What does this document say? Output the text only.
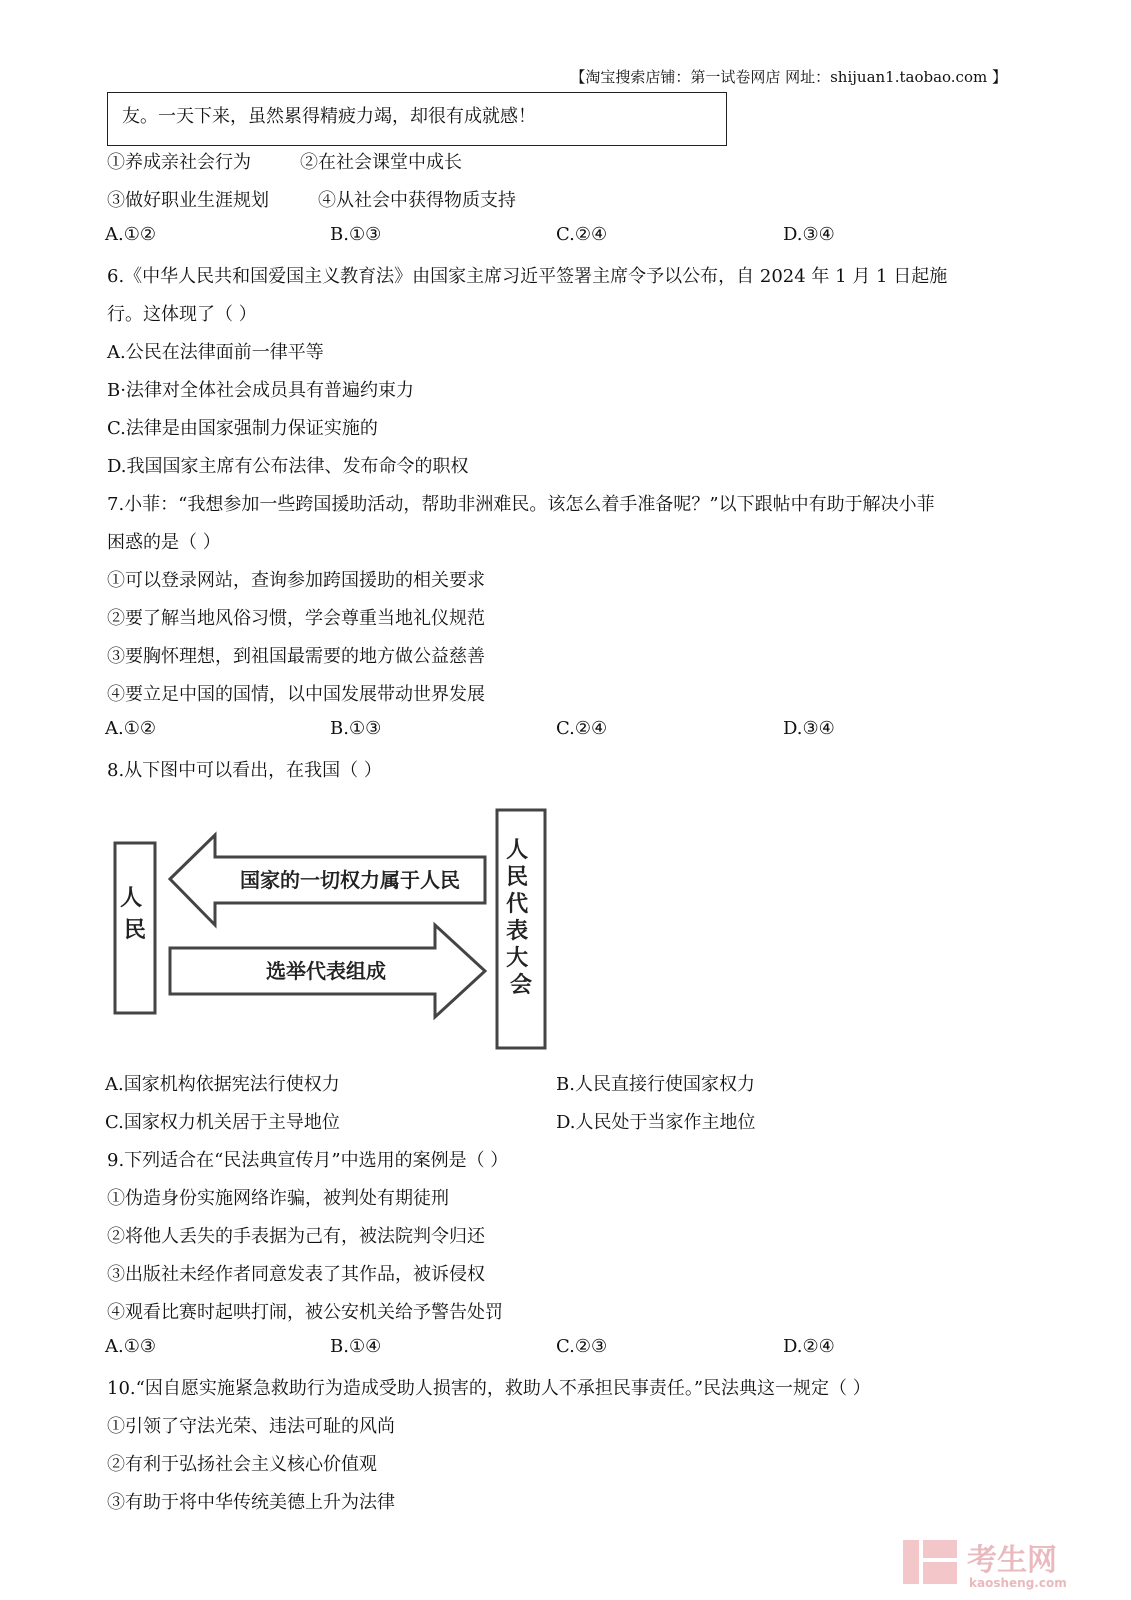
【淘宝搜索店铺：第一试卷网店 网址：shijuan1.taobao.com 】
友。一天下来，虽然累得精疲力竭，却很有成就感！
①养成亲社会行为	②在社会课堂中成长
③做好职业生涯规划	④从社会中获得物质支持
A.①②	B.①③	C.②④	D.③④
6.《中华人民共和国爱国主义教育法》由国家主席习近平签署主席令予以公布，自 2024 年 1 月 1 日起施
行。这体现了（ ）
A.公民在法律面前一律平等
B·法律对全体社会成员具有普遍约束力
C.法律是由国家强制力保证实施的
D.我国国家主席有公布法律、发布命令的职权
7.小菲：“我想参加一些跨国援助活动，帮助非洲难民。该怎么着手准备呢？”以下跟帖中有助于解决小菲
困惑的是（ ）
①可以登录网站，查询参加跨国援助的相关要求
②要了解当地风俗习惯，学会尊重当地礼仪规范
③要胸怀理想，到祖国最需要的地方做公益慈善
④要立足中国的国情，以中国发展带动世界发展
A.①②	B.①③	C.②④	D.③④
8.从下图中可以看出，在我国（ ）
人 民
人 民 代 表 大 会
国家的一切权力属于人民
选举代表组成
A.国家机构依据宪法行使权力	B.人民直接行使国家权力
C.国家权力机关居于主导地位	D.人民处于当家作主地位
9.下列适合在“民法典宣传月”中选用的案例是（ ）
①伪造身份实施网络诈骗，被判处有期徒刑
②将他人丢失的手表据为己有，被法院判令归还
③出版社未经作者同意发表了其作品，被诉侵权
④观看比赛时起哄打闹，被公安机关给予警告处罚
A.①③	B.①④	C.②③	D.②④
10.“因自愿实施紧急救助行为造成受助人损害的，救助人不承担民事责任。”民法典这一规定（ ）
①引领了守法光荣、违法可耻的风尚
②有利于弘扬社会主义核心价值观
③有助于将中华传统美德上升为法律
考生网
kaosheng.com
